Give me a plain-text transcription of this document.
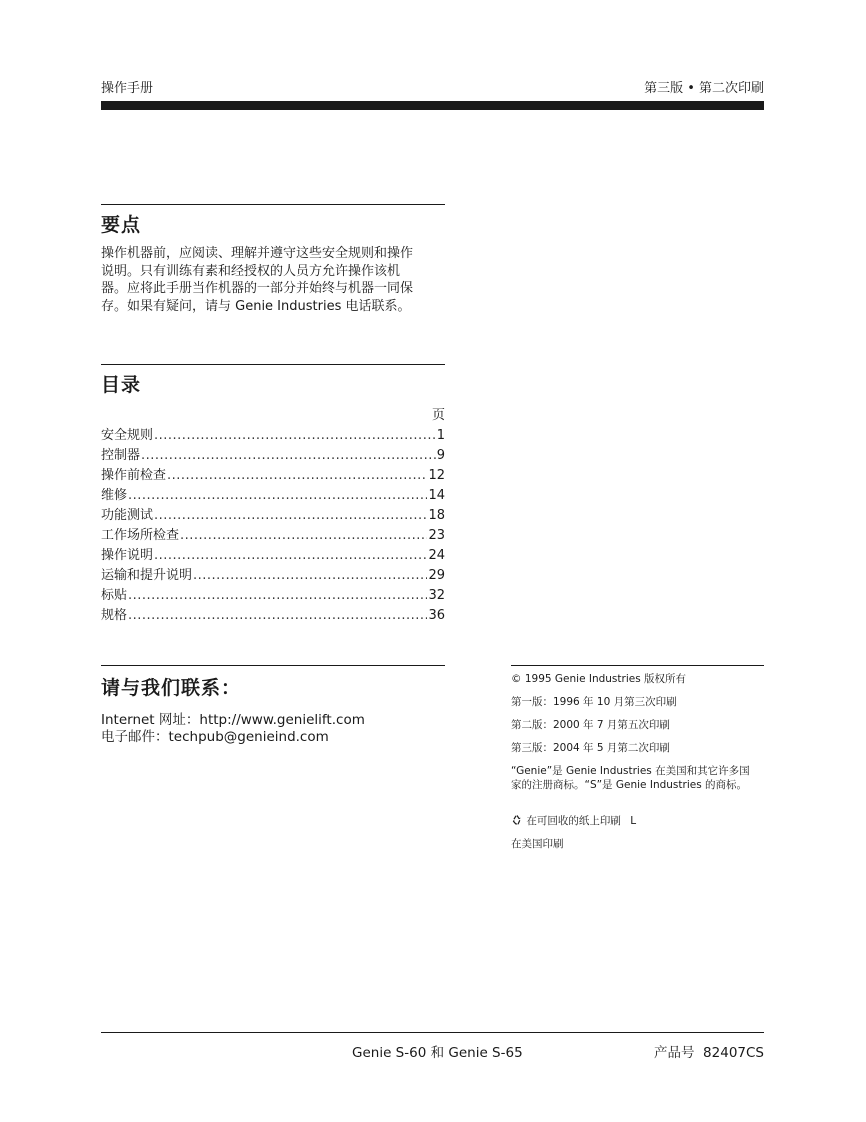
操作手册	第三版 • 第二次印刷
要点
操作机器前，应阅读、理解并遵守这些安全规则和操作
说明。只有训练有素和经授权的人员方允许操作该机
器。应将此手册当作机器的一部分并始终与机器一同保
存。如果有疑问，请与 Genie Industries 电话联系。
目录
页
安全规则 .....	1
控制器 .....	9
操作前检查 .....	12
维修 .....	14
功能测试 .....	18
工作场所检查 .....	23
操作说明 .....	24
运输和提升说明 .....	29
标贴 .....	32
规格 .....	36
请与我们联系：
Internet 网址：http://www.genielift.com
电子邮件：techpub@genieind.com
© 1995 Genie Industries 版权所有
第一版：1996 年 10 月第三次印刷
第二版：2000 年 7 月第五次印刷
第三版：2004 年 5 月第二次印刷
“Genie”是 Genie Industries 在美国和其它许多国家的注册商标。“S”是 Genie Industries 的商标。
在可回收的纸上印刷 L
在美国印刷
Genie S-60 和 Genie S-65	产品号  82407CS
